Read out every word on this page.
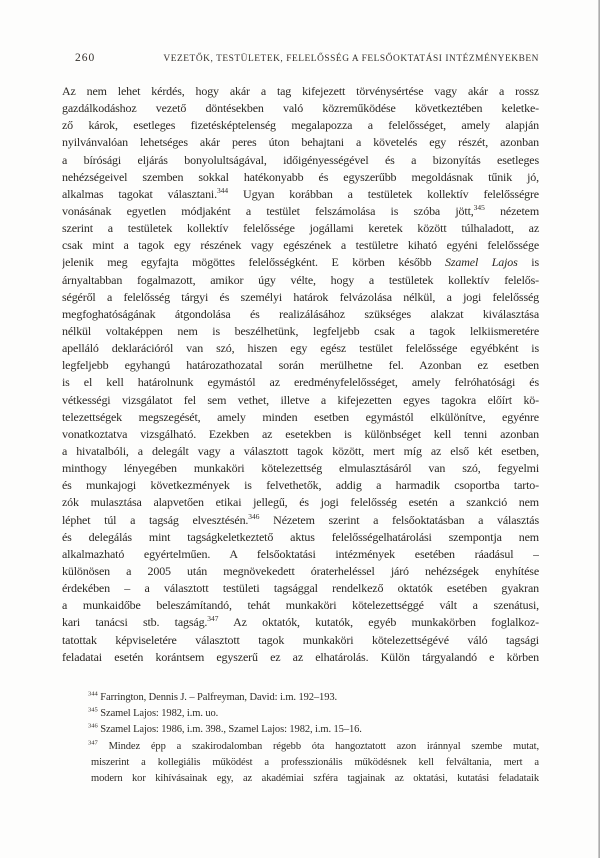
260	VEZETŐK, TESTÜLETEK, FELELŐSSÉG A FELSŐOKTATÁSI INTÉZMÉNYEKBEN
Az nem lehet kérdés, hogy akár a tag kifejezett törvénysértése vagy akár a rossz
gazdálkodáshoz vezető döntésekben való közreműködése következtében keletke-
ző károk, esetleges fizetésképtelenség megalapozza a felelősséget, amely alapján
nyilvánvalóan lehetséges akár peres úton behajtani a követelés egy részét, azonban
a bírósági eljárás bonyolultságával, időigényességével és a bizonyítás esetleges
nehézségeivel szemben sokkal hatékonyabb és egyszerűbb megoldásnak tűnik jó,
alkalmas tagokat választani.$^{344}$ Ugyan korábban a testületek kollektív felelősségre
vonásának egyetlen módjaként a testület felszámolása is szóba jött,$^{345}$ nézetem
szerint a testületek kollektív felelőssége jogállami keretek között túlhaladott, az
csak mint a tagok egy részének vagy egészének a testületre kiható egyéni felelőssége
jelenik meg egyfajta mögöttes felelősségként. E körben később Szamel Lajos is
árnyaltabban fogalmazott, amikor úgy vélte, hogy a testületek kollektív felelős-
ségéről a felelősség tárgyi és személyi határok felvázolása nélkül, a jogi felelősség
megfoghatóságának átgondolása és realizálásához szükséges alakzat kiválasztása
nélkül voltaképpen nem is beszélhetünk, legfeljebb csak a tagok lelkiismeretére
apelláló deklarációról van szó, hiszen egy egész testület felelőssége egyébként is
legfeljebb egyhangú határozathozatal során merülhetne fel. Azonban ez esetben
is el kell határolnunk egymástól az eredményfelelősséget, amely felróhatósági és
vétkességi vizsgálatot fel sem vethet, illetve a kifejezetten egyes tagokra előírt kö-
telezettségek megszegését, amely minden esetben egymástól elkülönítve, egyénre
vonatkoztatva vizsgálható. Ezekben az esetekben is különbséget kell tenni azonban
a hivatalbóli, a delegált vagy a választott tagok között, mert míg az első két esetben,
minthogy lényegében munkaköri kötelezettség elmulasztásáról van szó, fegyelmi
és munkajogi következmények is felvethetők, addig a harmadik csoportba tarto-
zók mulasztása alapvetően etikai jellegű, és jogi felelősség esetén a szankció nem
léphet túl a tagság elvesztésén.$^{346}$ Nézetem szerint a felsőoktatásban a választás
és delegálás mint tagságkeletkeztető aktus felelősségelhatárolási szempontja nem
alkalmazható egyértelműen. A felsőoktatási intézmények esetében ráadásul –
különösen a 2005 után megnövekedett óraterheléssel járó nehézségek enyhítése
érdekében – a választott testületi tagsággal rendelkező oktatók esetében gyakran
a munkaidőbe beleszámítandó, tehát munkaköri kötelezettséggé vált a szenátusi,
kari tanácsi stb. tagság.$^{347}$ Az oktatók, kutatók, egyéb munkakörben foglalkoz-
tatottak képviseletére választott tagok munkaköri kötelezettségévé váló tagsági
feladatai esetén korántsem egyszerű ez az elhatárolás. Külön tárgyalandó e körben
$^{344}$ Farrington, Dennis J. – Palfreyman, David: i.m. 192–193.
$^{345}$ Szamel Lajos: 1982, i.m. uo.
$^{346}$ Szamel Lajos: 1986, i.m. 398., Szamel Lajos: 1982, i.m. 15–16.
$^{347}$ Mindez épp a szakirodalomban régebb óta hangoztatott azon iránnyal szembe mutat,
miszerint a kollegiális működést a professzionális működésnek kell felváltania, mert a
modern kor kihívásainak egy, az akadémiai szféra tagjainak az oktatási, kutatási feladataik
